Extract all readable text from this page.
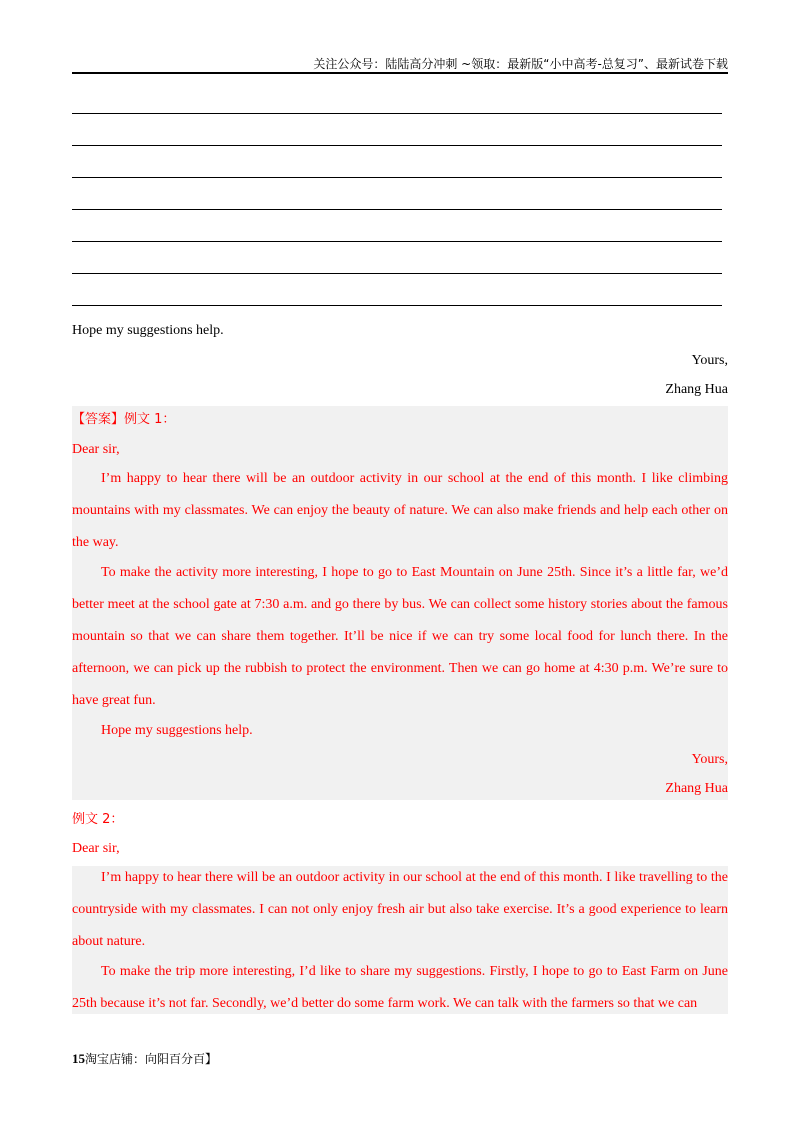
关注公众号：陆陆高分冲刺 ~领取：最新版“小中高考-总复习”、最新试卷下载
Hope my suggestions help.
Yours,
Zhang Hua
【答案】例文 1：
Dear sir,
I’m happy to hear there will be an outdoor activity in our school at the end of this month. I like climbing mountains with my classmates. We can enjoy the beauty of nature. We can also make friends and help each other on the way.
To make the activity more interesting, I hope to go to East Mountain on June 25th. Since it’s a little far, we’d better meet at the school gate at 7:30 a.m. and go there by bus. We can collect some history stories about the famous mountain so that we can share them together. It’ll be nice if we can try some local food for lunch there. In the afternoon, we can pick up the rubbish to protect the environment. Then we can go home at 4:30 p.m. We’re sure to have great fun.
Hope my suggestions help.
Yours,
Zhang Hua
例文 2：
Dear sir,
I’m happy to hear there will be an outdoor activity in our school at the end of this month. I like travelling to the countryside with my classmates. I can not only enjoy fresh air but also take exercise. It’s a good experience to learn about nature.
To make the trip more interesting, I’d like to share my suggestions. Firstly, I hope to go to East Farm on June 25th because it’s not far. Secondly, we’d better do some farm work. We can talk with the farmers so that we can
15淘宝店铺：向阳百分百】
